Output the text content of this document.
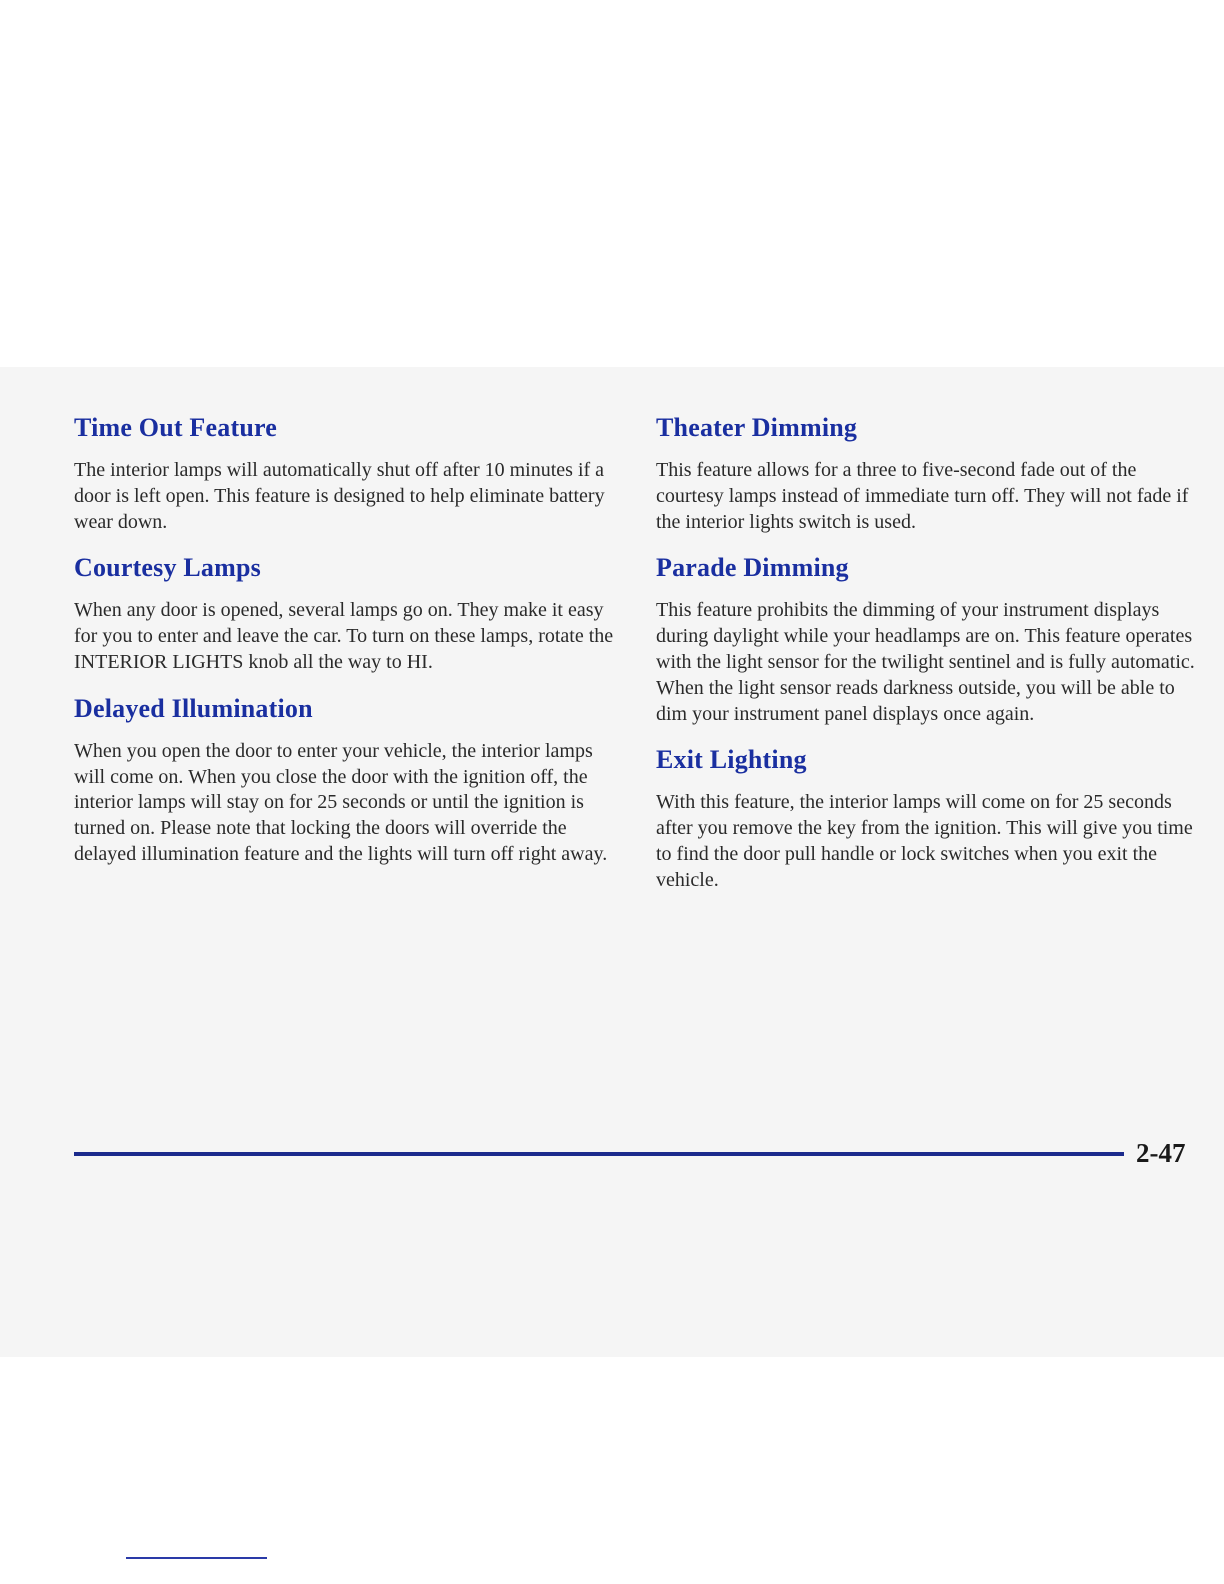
Time Out Feature

The interior lamps will automatically shut off after 10 minutes if a door is left open. This feature is designed to help eliminate battery wear down.

Courtesy Lamps

When any door is opened, several lamps go on. They make it easy for you to enter and leave the car. To turn on these lamps, rotate the INTERIOR LIGHTS knob all the way to HI.

Delayed Illumination

When you open the door to enter your vehicle, the interior lamps will come on. When you close the door with the ignition off, the interior lamps will stay on for 25 seconds or until the ignition is turned on. Please note that locking the doors will override the delayed illumination feature and the lights will turn off right away.

Theater Dimming

This feature allows for a three to five-second fade out of the courtesy lamps instead of immediate turn off. They will not fade if the interior lights switch is used.

Parade Dimming

This feature prohibits the dimming of your instrument displays during daylight while your headlamps are on. This feature operates with the light sensor for the twilight sentinel and is fully automatic. When the light sensor reads darkness outside, you will be able to dim your instrument panel displays once again.

Exit Lighting

With this feature, the interior lamps will come on for 25 seconds after you remove the key from the ignition. This will give you time to find the door pull handle or lock switches when you exit the vehicle.

2-47
